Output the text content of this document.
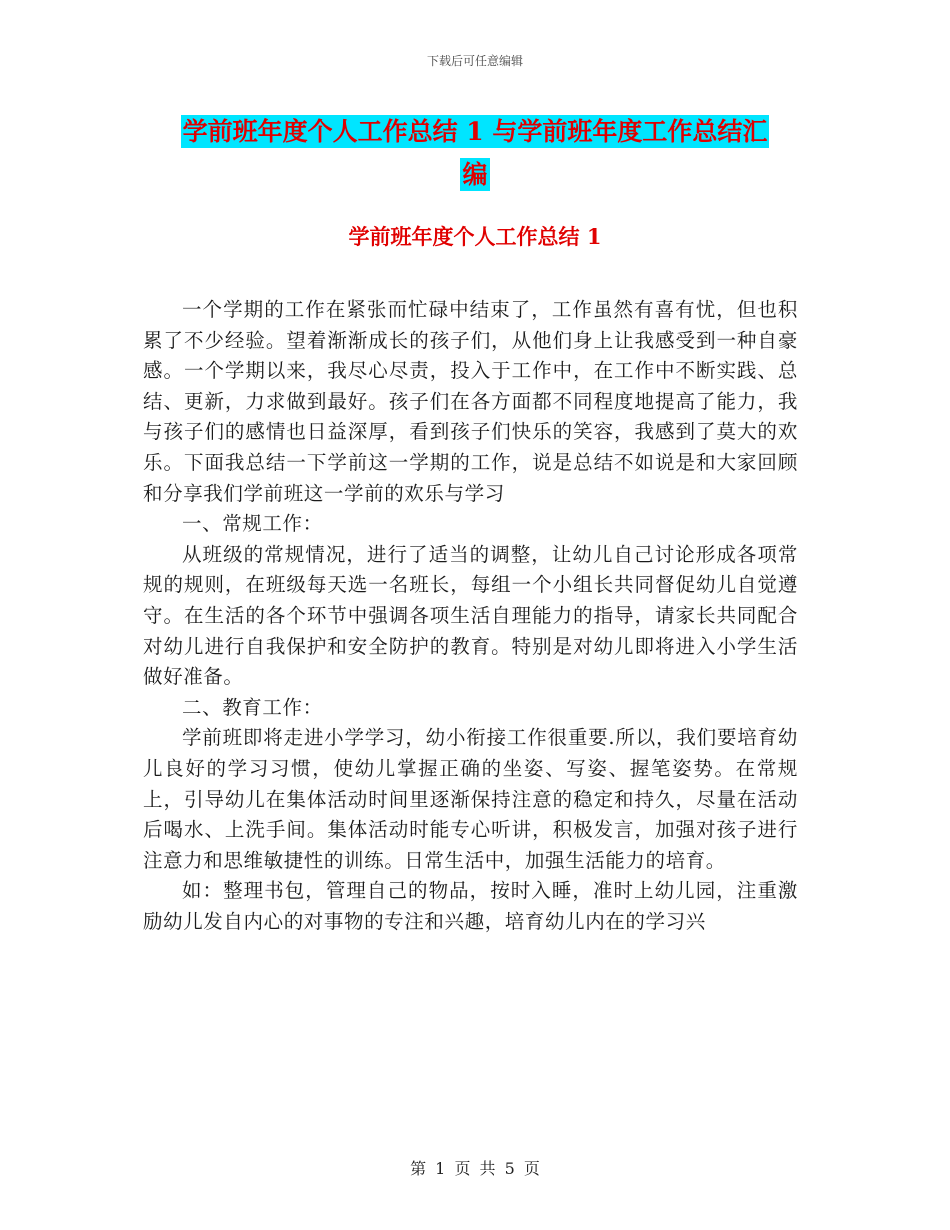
下载后可任意编辑
学前班年度个人工作总结 1 与学前班年度工作总结汇
编
学前班年度个人工作总结 1

一个学期的工作在紧张而忙碌中结束了，工作虽然有喜有忧，但也积累了不少经验。望着渐渐成长的孩子们，从他们身上让我感受到一种自豪感。一个学期以来，我尽心尽责，投入于工作中，在工作中不断实践、总结、更新，力求做到最好。孩子们在各方面都不同程度地提高了能力，我与孩子们的感情也日益深厚，看到孩子们快乐的笑容，我感到了莫大的欢乐。下面我总结一下学前这一学期的工作，说是总结不如说是和大家回顾和分享我们学前班这一学前的欢乐与学习

一、常规工作：

从班级的常规情况，进行了适当的调整，让幼儿自己讨论形成各项常规的规则，在班级每天选一名班长，每组一个小组长共同督促幼儿自觉遵守。在生活的各个环节中强调各项生活自理能力的指导，请家长共同配合对幼儿进行自我保护和安全防护的教育。特别是对幼儿即将进入小学生活做好准备。

二、教育工作：

学前班即将走进小学学习，幼小衔接工作很重要.所以，我们要培育幼儿良好的学习习惯，使幼儿掌握正确的坐姿、写姿、握笔姿势。在常规上，引导幼儿在集体活动时间里逐渐保持注意的稳定和持久，尽量在活动后喝水、上洗手间。集体活动时能专心听讲，积极发言，加强对孩子进行注意力和思维敏捷性的训练。日常生活中，加强生活能力的培育。

如：整理书包，管理自己的物品，按时入睡，准时上幼儿园，注重激励幼儿发自内心的对事物的专注和兴趣，培育幼儿内在的学习兴

第 1 页 共 5 页
